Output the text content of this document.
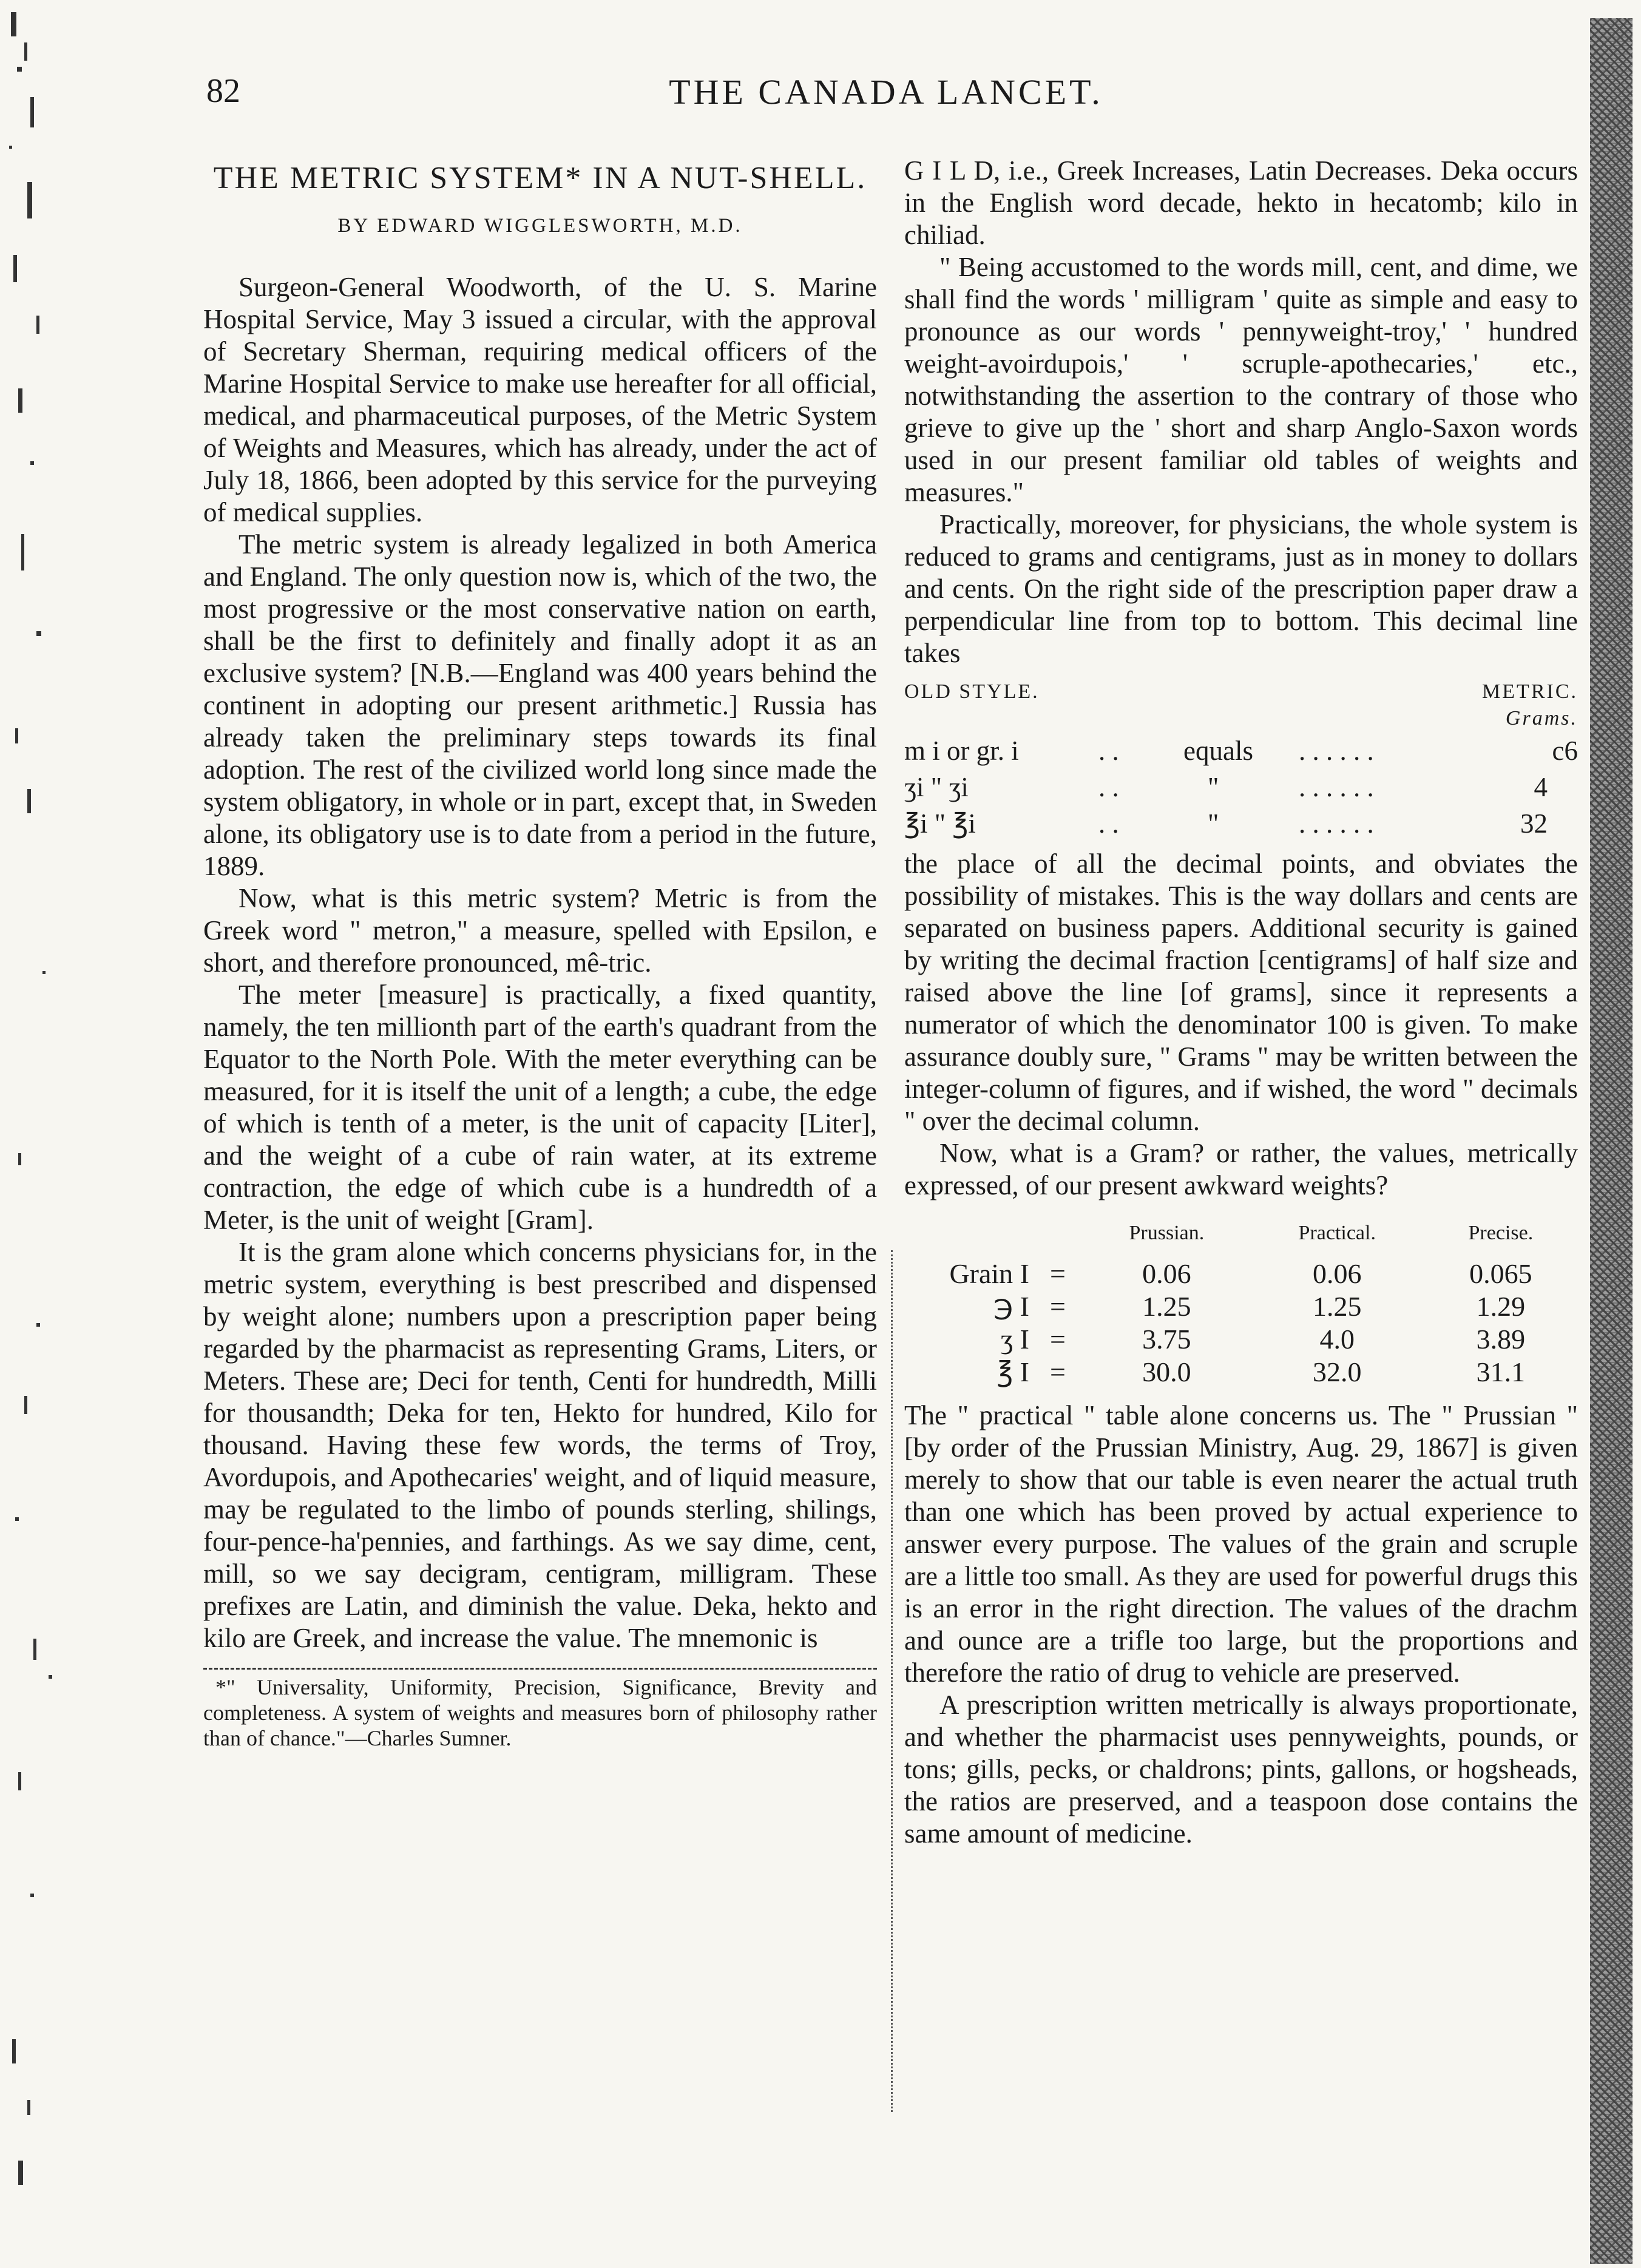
82	THE CANADA LANCET.
THE METRIC SYSTEM* IN A NUT-SHELL.
BY EDWARD WIGGLESWORTH, M.D.

Surgeon-General Woodworth, of the U. S. Marine Hospital Service, May 3 issued a circular, with the approval of Secretary Sherman, requiring medical officers of the Marine Hospital Service to make use hereafter for all official, medical, and pharmaceutical purposes, of the Metric System of Weights and Measures, which has already, under the act of July 18, 1866, been adopted by this service for the purveying of medical supplies.

The metric system is already legalized in both America and England. The only question now is, which of the two, the most progressive or the most conservative nation on earth, shall be the first to definitely and finally adopt it as an exclusive system? [N.B.—England was 400 years behind the continent in adopting our present arithmetic.] Russia has already taken the preliminary steps towards its final adoption. The rest of the civilized world long since made the system obligatory, in whole or in part, except that, in Sweden alone, its obligatory use is to date from a period in the future, 1889.

Now, what is this metric system? Metric is from the Greek word " metron," a measure, spelled with Epsilon, e short, and therefore pronounced, mê-tric.

The meter [measure] is practically, a fixed quantity, namely, the ten millionth part of the earth's quadrant from the Equator to the North Pole. With the meter everything can be measured, for it is itself the unit of a length; a cube, the edge of which is tenth of a meter, is the unit of capacity [Liter], and the weight of a cube of rain water, at its extreme contraction, the edge of which cube is a hundredth of a Meter, is the unit of weight [Gram].

It is the gram alone which concerns physicians for, in the metric system, everything is best prescribed and dispensed by weight alone; numbers upon a prescription paper being regarded by the pharmacist as representing Grams, Liters, or Meters. These are; Deci for tenth, Centi for hundredth, Milli for thousandth; Deka for ten, Hekto for hundred, Kilo for thousand. Having these few words, the terms of Troy, Avordupois, and Apothecaries' weight, and of liquid measure, may be regulated to the limbo of pounds sterling, shilings, four-pence-ha'pennies, and farthings. As we say dime, cent, mill, so we say decigram, centigram, milligram. These prefixes are Latin, and diminish the value. Deka, hekto and kilo are Greek, and increase the value. The mnemonic is

*" Universality, Uniformity, Precision, Significance, Brevity and completeness. A system of weights and measures born of philosophy rather than of chance."—Charles Sumner.

G I L D, i.e., Greek Increases, Latin Decreases. Deka occurs in the English word decade, hekto in hecatomb; kilo in chiliad.

" Being accustomed to the words mill, cent, and dime, we shall find the words ' milligram ' quite as simple and easy to pronounce as our words ' pennyweight-troy,' ' hundred weight-avoirdupois,' ' scruple-apothecaries,' etc., notwithstanding the assertion to the contrary of those who grieve to give up the ' short and sharp Anglo-Saxon words used in our present familiar old tables of weights and measures."

Practically, moreover, for physicians, the whole system is reduced to grams and centigrams, just as in money to dollars and cents. On the right side of the prescription paper draw a perpendicular line from top to bottom. This decimal line takes

OLD STYLE.	METRIC.
Grams.
m i or gr. i	. . equals . . . . . .	c6
ʒi " ʒi	. .	"	. . . . . .	4
℥i " ℥i	. .	"	. . . . . .	32

the place of all the decimal points, and obviates the possibility of mistakes. This is the way dollars and cents are separated on business papers. Additional security is gained by writing the decimal fraction [centigrams] of half size and raised above the line [of grams], since it represents a numerator of which the denominator 100 is given. To make assurance doubly sure, " Grams " may be written between the integer-column of figures, and if wished, the word " decimals " over the decimal column.

Now, what is a Gram? or rather, the values, metrically expressed, of our present awkward weights?

		Prussian.	Practical.	Precise.
Grain I	=	0.06	0.06	0.065
℈ I	=	1.25	1.25	1.29
ʒ I	=	3.75	4.0	3.89
℥ I	=	30.0	32.0	31.1

The " practical " table alone concerns us. The " Prussian " [by order of the Prussian Ministry, Aug. 29, 1867] is given merely to show that our table is even nearer the actual truth than one which has been proved by actual experience to answer every purpose. The values of the grain and scruple are a little too small. As they are used for powerful drugs this is an error in the right direction. The values of the drachm and ounce are a trifle too large, but the proportions and therefore the ratio of drug to vehicle are preserved.

A prescription written metrically is always proportionate, and whether the pharmacist uses pennyweights, pounds, or tons; gills, pecks, or chaldrons; pints, gallons, or hogsheads, the ratios are preserved, and a teaspoon dose contains the same amount of medicine.
